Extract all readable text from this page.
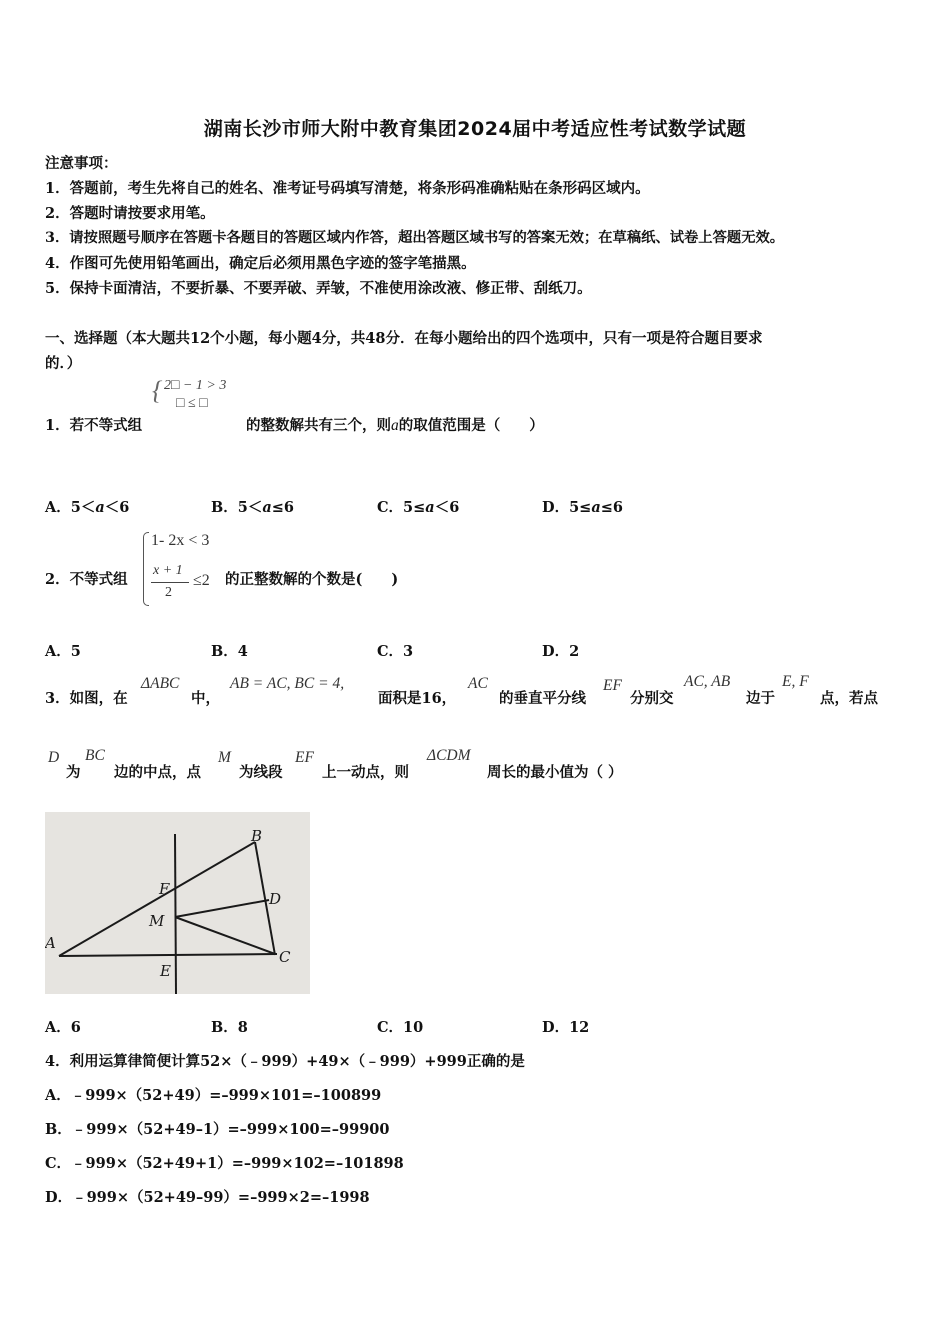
湖南长沙市师大附中教育集团2024届中考适应性考试数学试题
注意事项：
1．答题前，考生先将自己的姓名、准考证号码填写清楚，将条形码准确粘贴在条形码区域内。
2．答题时请按要求用笔。
3．请按照题号顺序在答题卡各题目的答题区域内作答，超出答题区域书写的答案无效；在草稿纸、试卷上答题无效。
4．作图可先使用铅笔画出，确定后必须用黑色字迹的签字笔描黑。
5．保持卡面清洁，不要折暴、不要弄破、弄皱，不准使用涂改液、修正带、刮纸刀。
一、选择题（本大题共12个小题，每小题4分，共48分．在每小题给出的四个选项中，只有一项是符合题目要求
的．）
1．若不等式组
{ 2□ − 1 > 3
□ ≤ □
的整数解共有三个，则a的取值范围是（　　）
A．5＜a＜6	B．5＜a≤6	C．5≤a＜6	D．5≤a≤6
2．不等式组
1- 2x < 3
x + 1
2
≤2 的正整数解的个数是(　　)
A．5	B．4	C．3	D．2
3．如图，在
ΔABC
中，
AB = AC, BC = 4,
面积是16，
AC
的垂直平分线
EF
分别交
AC, AB
边于
E, F
点，若点
D
为
BC
边的中点，点
M
为线段
EF
上一动点，则
ΔCDM
周长的最小值为（ ）
B
F
D
M
A
C
E
A．6	B．8	C．10	D．12
4．利用运算律简便计算52×（﹣999）+49×（﹣999）+999正确的是
A．﹣999×（52+49）=–999×101=–100899
B．﹣999×（52+49–1）=–999×100=–99900
C．﹣999×（52+49+1）=–999×102=–101898
D．﹣999×（52+49–99）=–999×2=–1998
